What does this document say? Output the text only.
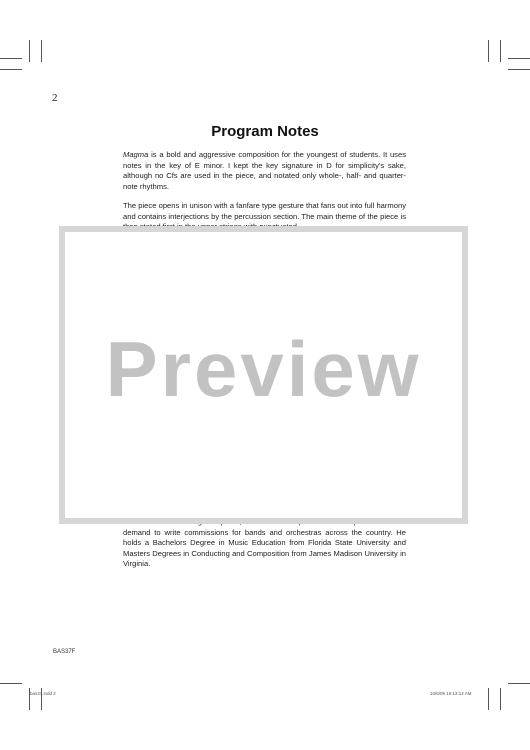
2
Program Notes
Magma is a bold and aggressive composition for the youngest of students. It uses notes in the key of E minor. I kept the key signature in D for simplicity's sake, although no Cfs are used in the piece, and notated only whole-, half- and quarter-note rhythms.
The piece opens in unison with a fanfare type gesture that fans out into full harmony and contains interjections by the percussion section. The main theme of the piece is
demand to write commissions for bands and orchestras across the country. He holds a Bachelors Degree in Music Education from Florida State University and Masters Degrees in Conducting and Composition from James Madison University in Virginia.
Preview
BAS37F
bas37.indd 2	10/6/09 10:13:12 AM
